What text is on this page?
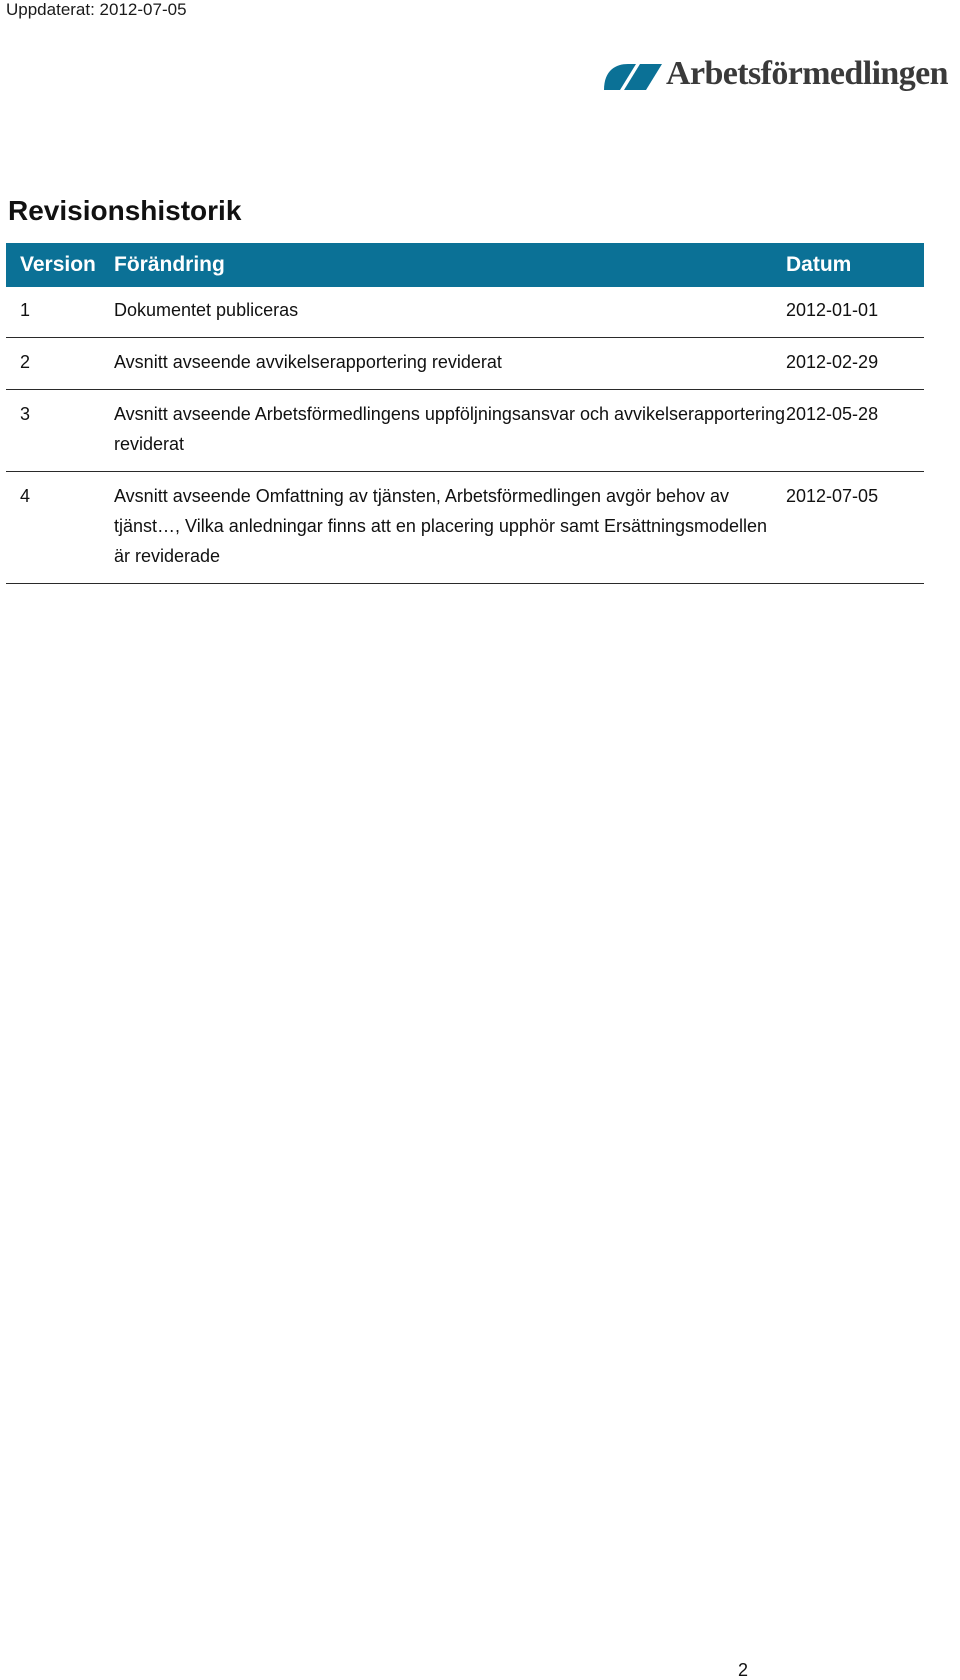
Uppdaterat: 2012-07-05
Arbetsförmedlingen
Revisionshistorik
Version	Förändring	Datum
1	Dokumentet publiceras	2012-01-01
2	Avsnitt avseende avvikelserapportering reviderat	2012-02-29
3	Avsnitt avseende Arbetsförmedlingens uppföljningsansvar och avvikelserapportering reviderat	2012-05-28
4	Avsnitt avseende Omfattning av tjänsten, Arbetsförmedlingen avgör behov av tjänst…, Vilka anledningar finns att en placering upphör samt Ersättningsmodellen är reviderade	2012-07-05
2
